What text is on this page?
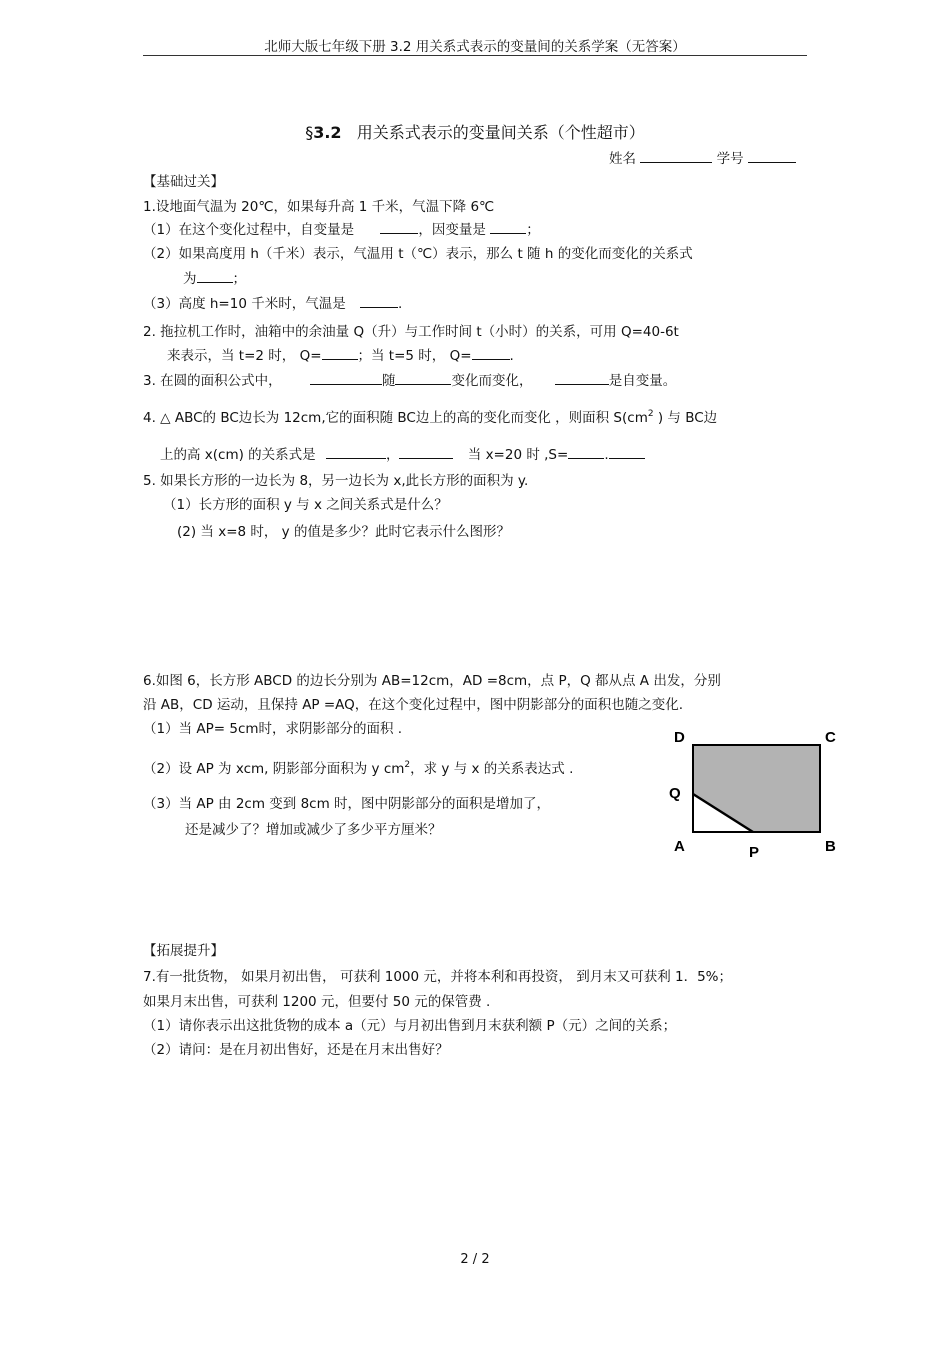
北师大版七年级下册 3.2 用关系式表示的变量间的关系学案（无答案）
§3.2 用关系式表示的变量间关系（个性超市）
姓名	学号
【基础过关】
1.设地面气温为 20℃，如果每升高 1 千米，气温下降 6℃
（1）在这个变化过程中，自变量是	，因变量是	；
（2）如果高度用 h（千米）表示，气温用 t（℃）表示，那么 t 随 h 的变化而变化的关系式
为	；
（3）高度 h=10 千米时，气温是	.
2. 拖拉机工作时，油箱中的余油量 Q（升）与工作时间 t（小时）的关系，可用 Q=40-6t
来表示，当 t=2 时， Q=	；当 t=5 时， Q=	.
3. 在圆的面积公式中，	随	变化而变化，	是自变量。
4. △ ABC的 BC边长为 12cm,它的面积随 BC边上的高的变化而变化 ，则面积 $S(cm^2$ ) 与 BC边
上的高 x(cm) 的关系式是	，	当 x=20 时 ,S=	.
5. 如果长方形的一边长为 8，另一边长为 x,此长方形的面积为 y.
（1）长方形的面积 y 与 x 之间关系式是什么？
(2) 当 x=8 时， y 的值是多少？此时它表示什么图形？
6.如图 6，长方形 ABCD 的边长分别为 AB=12cm，AD =8cm，点 P，Q 都从点 A 出发，分别
沿 AB，CD 运动，且保持 AP =AQ，在这个变化过程中，图中阴影部分的面积也随之变化.
（1）当 AP= 5cm时，求阴影部分的面积 .
（2）设 AP 为 xcm, 阴影部分面积为 y $cm^2$，求 y 与 x 的关系表达式 .
（3）当 AP 由 2cm 变到 8cm 时，图中阴影部分的面积是增加了，
还是减少了？增加或减少了多少平方厘米？
D	C
Q
A	P	B
【拓展提升】
7.有一批货物， 如果月初出售， 可获利 1000 元，并将本利和再投资， 到月末又可获利 1．5%；
如果月末出售，可获利 1200 元，但要付 50 元的保管费 .
（1）请你表示出这批货物的成本 a（元）与月初出售到月末获利额 P（元）之间的关系；
（2）请问：是在月初出售好，还是在月末出售好？
2 / 2
